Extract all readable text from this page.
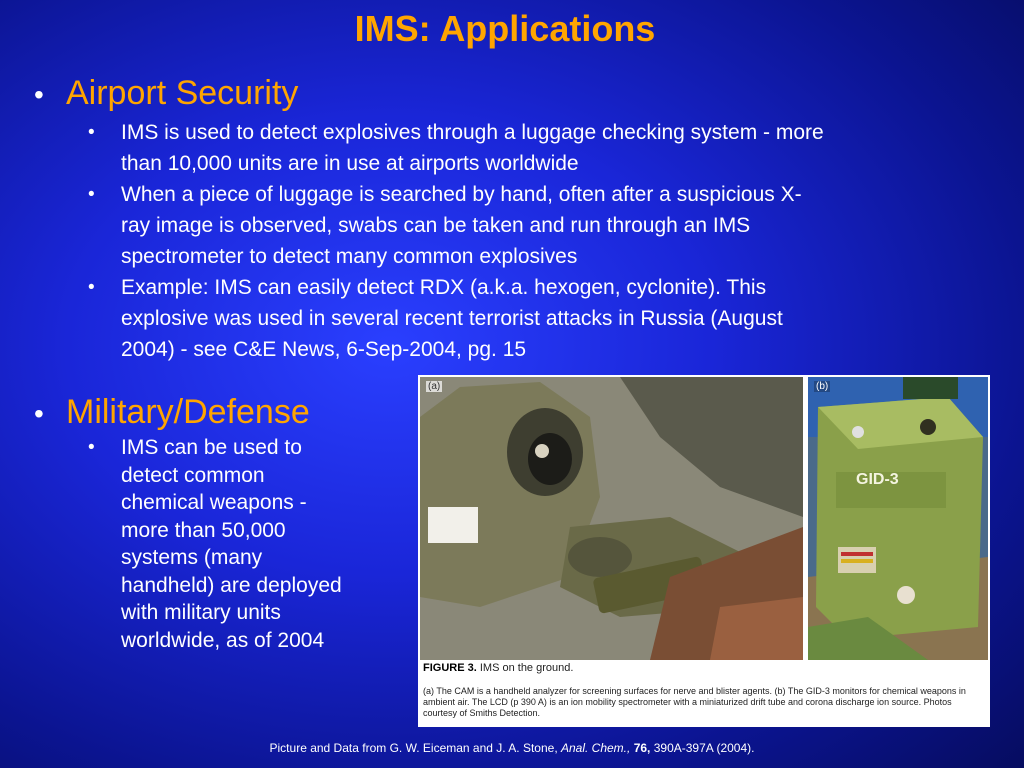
IMS: Applications
• Airport Security
• IMS is used to detect explosives through a luggage checking system - more
than 10,000 units are in use at airports worldwide
• When a piece of luggage is searched by hand, often after a suspicious X-
ray image is observed, swabs can be taken and run through an IMS
spectrometer to detect many common explosives
• Example: IMS can easily detect RDX (a.k.a. hexogen, cyclonite). This
explosive was used in several recent terrorist attacks in Russia (August
2004) - see C&E News, 6-Sep-2004, pg. 15
• Military/Defense
• IMS can be used to
detect common
chemical weapons -
more than 50,000
systems (many
handheld) are deployed
with military units
worldwide, as of 2004
(a)
GID-3
(b)
FIGURE 3. IMS on the ground.
(a) The CAM is a handheld analyzer for screening surfaces for nerve and blister agents. (b) The GID-3 monitors for chemical weapons in ambient air. The LCD (p 390 A) is an ion mobility spectrometer with a miniaturized drift tube and corona discharge ion source. Photos courtesy of Smiths Detection.
Picture and Data from G. W. Eiceman and J. A. Stone, Anal. Chem., 76, 390A-397A (2004).
